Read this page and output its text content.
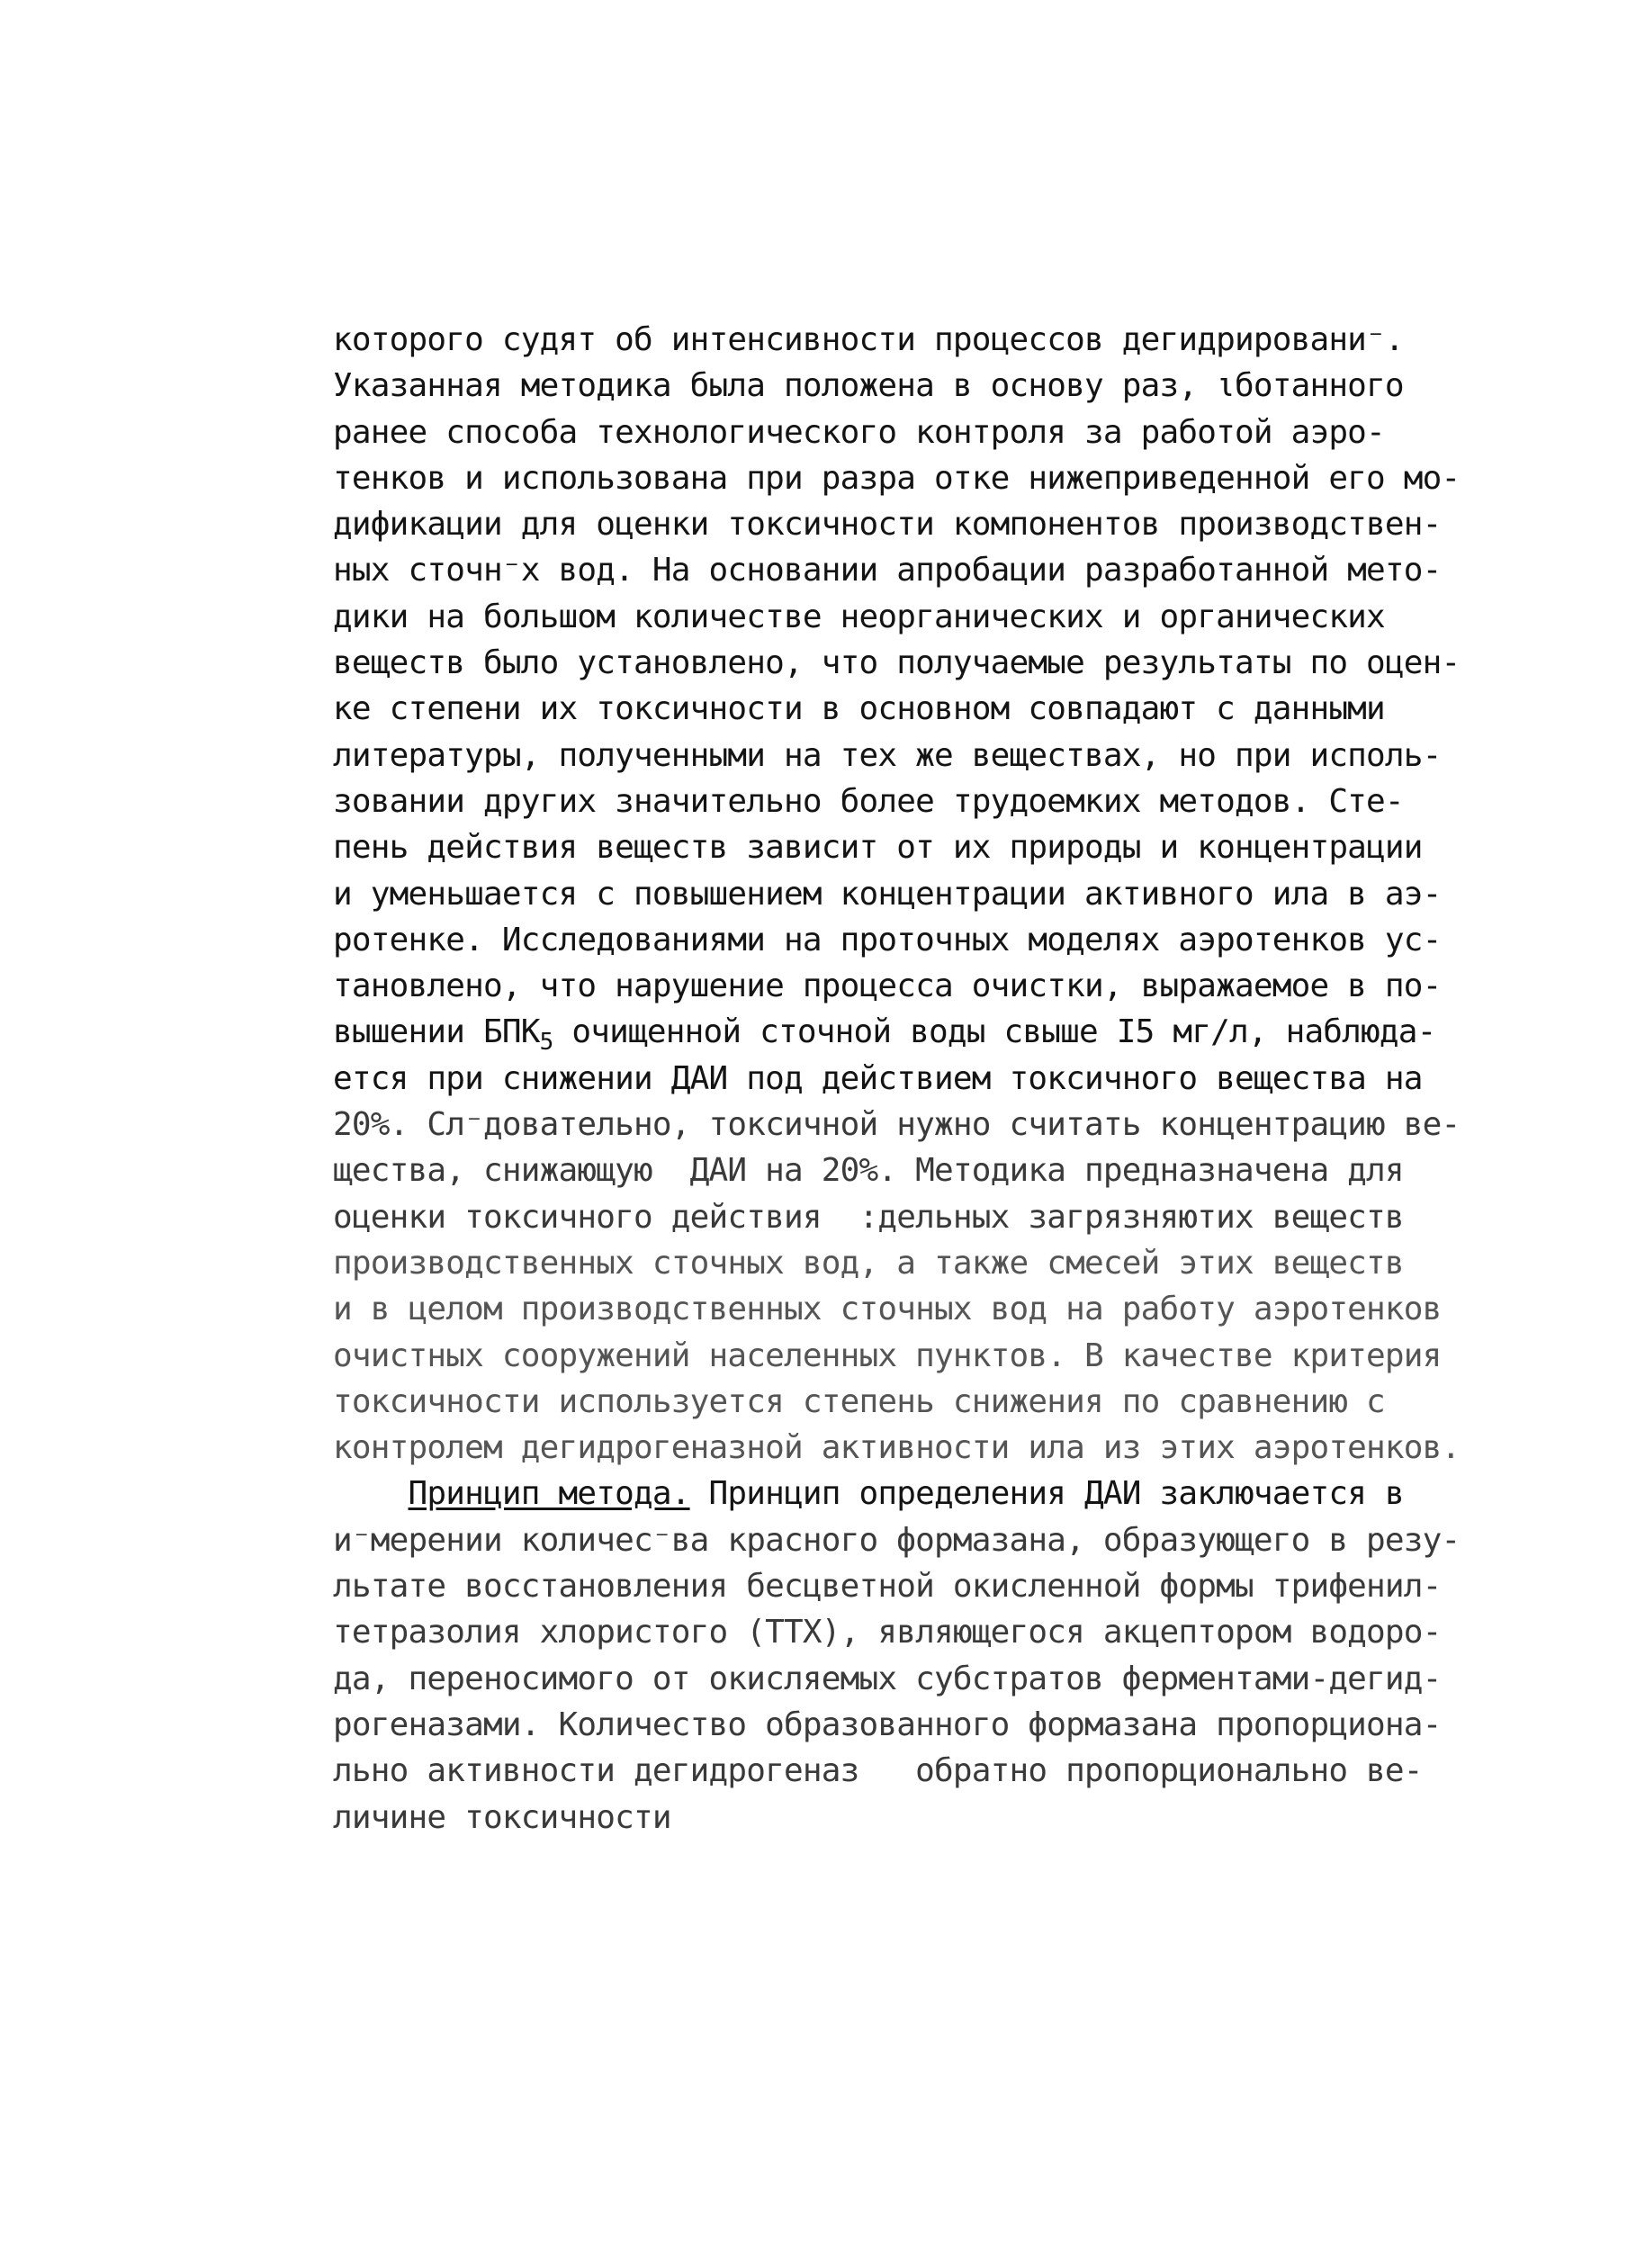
которого судят об интенсивности процессов дегидрировани⁻.
Указанная методика была положена в основу раз, ιботанного
ранее способа технологического контроля за работой аэро-
тенков и использована при разра отке нижеприведенной его мо-
дификации для оценки токсичности компонентов производствен-
ных сточн⁻х вод. На основании апробации разработанной мето-
дики на большом количестве неорганических и органических
веществ было установлено, что получаемые результаты по оцен-
ке степени их токсичности в основном совпадают с данными
литературы, полученными на тех же веществах, но при исполь-
зовании других значительно более трудоемких методов. Сте-
пень действия веществ зависит от их природы и концентрации
и уменьшается с повышением концентрации активного ила в аэ-
ротенке. Исследованиями на проточных моделях аэротенков ус-
тановлено, что нарушение процесса очистки, выражаемое в по-
вышении $БПК_5$ очищенной сточной воды свыше I5 мг/л, наблюда-
ется при снижении ДАИ под действием токсичного вещества на
20%. Сл⁻довательно, токсичной нужно считать концентрацию ве-
щества, снижающую  ДАИ на 20%. Методика предназначена для
оценки токсичного действия  :дельных загрязняютих веществ
производственных сточных вод, а также смесей этих веществ
и в целом производственных сточных вод на работу аэротенков
очистных сооружений населенных пунктов. В качестве критерия
токсичности используется степень снижения по сравнению с
контролем дегидрогеназной активности ила из этих аэротенков.
Принцип метода. Принцип определения ДАИ заключается в
и⁻мерении количес⁻ва красного формазана, образующего в резу-
льтате восстановления бесцветной окисленной формы трифенил-
тетразолия хлористого (ТТХ), являющегося акцептором водоро-
да, переносимого от окисляемых субстратов ферментами-дегид-
рогеназами. Количество образованного формазана пропорциона-
льно активности дегидрогеназ   обратно пропорционально ве-
личине токсичности
